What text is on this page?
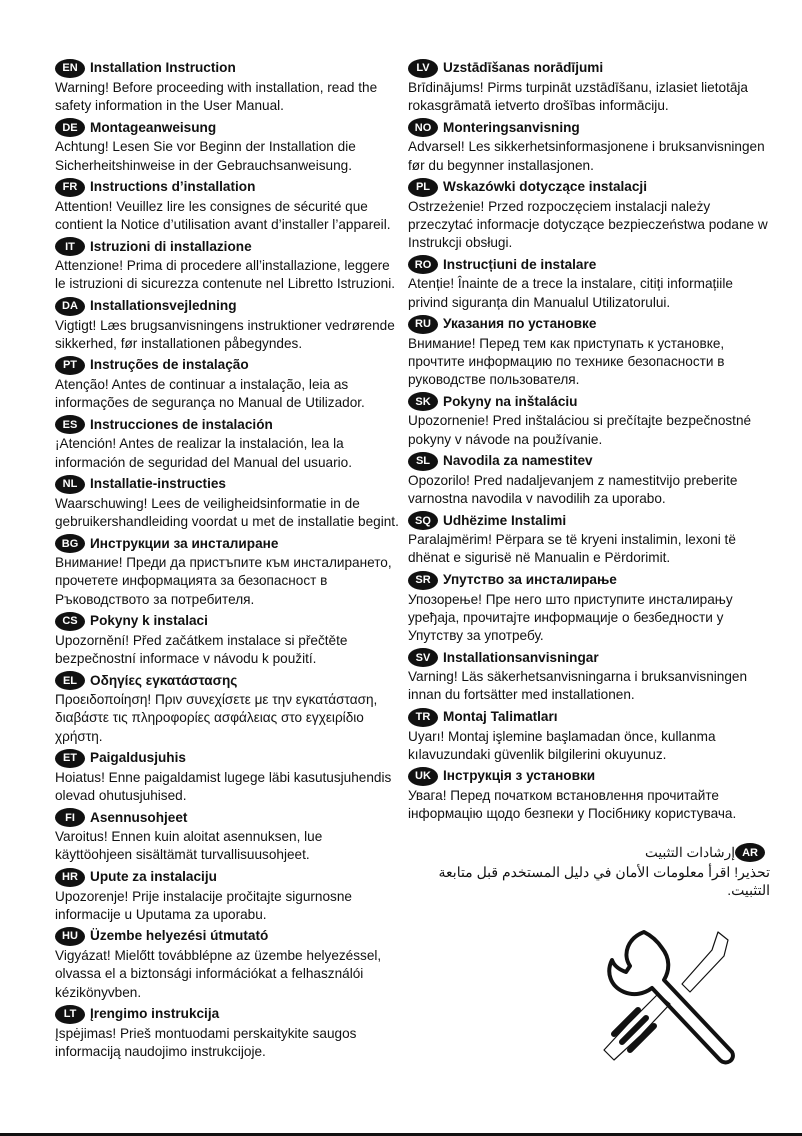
EN Installation Instruction
Warning! Before proceeding with installation, read the safety information in the User Manual.
DE Montageanweisung
Achtung! Lesen Sie vor Beginn der Installation die Sicherheitshinweise in der Gebrauchsanweisung.
FR Instructions d’installation
Attention! Veuillez lire les consignes de sécurité que contient la Notice d’utilisation avant d’installer l’appareil.
IT	Istruzioni di installazione
Attenzione! Prima di procedere all’installazione, leggere le istruzioni di sicurezza contenute nel Libretto Istruzioni.
DA Installationsvejledning
Vigtigt! Læs brugsanvisningens instruktioner vedrørende sikkerhed, før installationen påbegyndes.
PT Instruções de instalação
Atenção! Antes de continuar a instalação, leia as informações de segurança no Manual de Utilizador.
ES Instrucciones de instalación
¡Atención! Antes de realizar la instalación, lea la información de seguridad del Manual del usuario.
NL Installatie-instructies
Waarschuwing! Lees de veiligheidsinformatie in de gebruikershandleiding voordat u met de installatie begint.
BG Инструкции за инсталиране
Внимание! Преди да пристъпите към инсталирането, прочетете информацията за безопасност в Ръководството за потребителя.
CS Pokyny k instalaci
Upozornění! Před začátkem instalace si přečtěte bezpečnostní informace v návodu k použití.
EL Οδηγίες εγκατάστασης
Προειδοποίηση! Πριν συνεχίσετε με την εγκατάσταση, διαβάστε τις πληροφορίες ασφάλειας στο εγχειρίδιο χρήστη.
ET Paigaldusjuhis
Hoiatus! Enne paigaldamist lugege läbi kasutusjuhendis olevad ohutusjuhised.
FI	Asennusohjeet
Varoitus! Ennen kuin aloitat asennuksen, lue käyttöohjeen sisältämät turvallisuusohjeet.
HR Upute za instalaciju
Upozorenje! Prije instalacije pročitajte sigurnosne informacije u Uputama za uporabu.
HU Üzembe helyezési útmutató
Vigyázat! Mielőtt továbblépne az üzembe helyezéssel, olvassa el a biztonsági információkat a felhasználói kézikönyvben.
LT	Įrengimo instrukcija
Įspėjimas! Prieš montuodami perskaitykite saugos informaciją naudojimo instrukcijoje.
LV Uzstādīšanas norādījumi
Brīdinājums! Pirms turpināt uzstādīšanu, izlasiet lietotāja rokasgrāmatā ietverto drošības informāciju.
NO Monteringsanvisning
Advarsel! Les sikkerhetsinformasjonene i bruksanvisningen før du begynner installasjonen.
PL Wskazówki dotyczące instalacji
Ostrzeżenie! Przed rozpoczęciem instalacji należy przeczytać informacje dotyczące bezpieczeństwa podane w Instrukcji obsługi.
RO Instrucțiuni de instalare
Atenție! Înainte de a trece la instalare, citiți informațiile privind siguranța din Manualul Utilizatorului.
RU Указания по установке
Внимание! Перед тем как приступать к установке, прочтите информацию по технике безопасности в руководстве пользователя.
SK Pokyny na inštaláciu
Upozornenie! Pred inštaláciou si prečítajte bezpečnostné pokyny v návode na používanie.
SL Navodila za namestitev
Opozorilo! Pred nadaljevanjem z namestitvijo preberite varnostna navodila v navodilih za uporabo.
SQ Udhëzime Instalimi
Paralajmërim! Përpara se të kryeni instalimin, lexoni të dhënat e sigurisë në Manualin e Përdorimit.
SR Упутство за инсталирање
Упозорење! Пре него што приступите инсталирању уређаја, прочитајте информације о безбедности у Упутству за употребу.
SV Installationsanvisningar
Varning! Läs säkerhetsanvisningarna i bruksanvisningen innan du fortsätter med installationen.
TR Montaj Talimatları
Uyarı! Montaj işlemine başlamadan önce, kullanma kılavuzundaki güvenlik bilgilerini okuyunuz.
UK Інструкція з установки
Увага! Перед початком встановлення прочитайте інформацію щодо безпеки у Посібнику користувача.
AR
إرشادات التثبيت
تحذير! اقرأ معلومات الأمان في دليل المستخدم قبل متابعة التثبيت.
